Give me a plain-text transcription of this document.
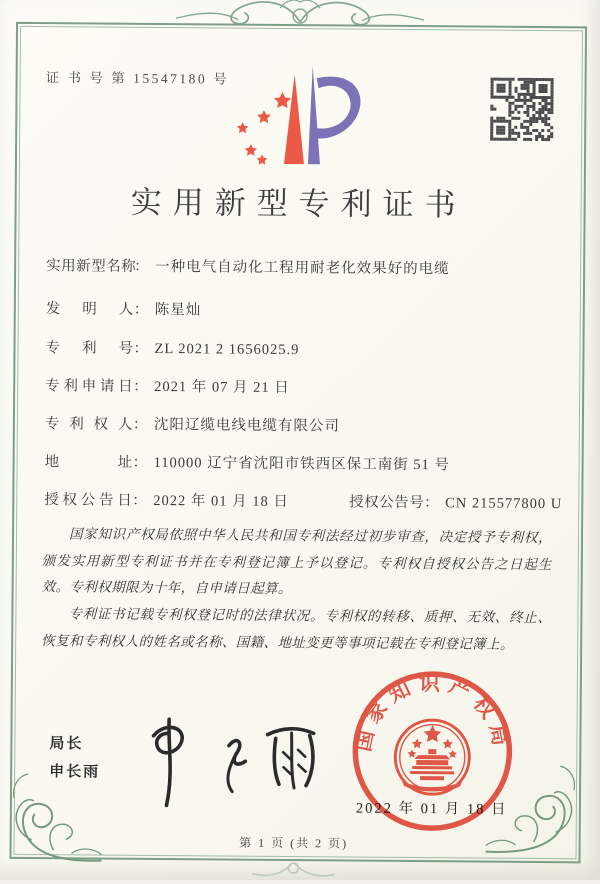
证 书 号 第 15547180 号
实用新型专利证书
实用新型名称： 一种电气自动化工程用耐老化效果好的电缆
发　明　人： 陈星灿
专　利　号： ZL 2021 2 1656025.9
专利申请日： 2021 年 07 月 21 日
专 利 权 人： 沈阳辽缆电线电缆有限公司
地　　　址： 110000 辽宁省沈阳市铁西区保工南街 51 号
授权公告日： 2022 年 01 月 18 日	授权公告号： CN 215577800 U

国家知识产权局依照中华人民共和国专利法经过初步审查，决定授予专利权，颁发实用新型专利证书并在专利登记簿上予以登记。专利权自授权公告之日起生效。专利权期限为十年，自申请日起算。

专利证书记载专利权登记时的法律状况。专利权的转移、质押、无效、终止、恢复和专利权人的姓名或名称、国籍、地址变更等事项记载在专利登记簿上。

局长
申长雨
2022 年 01 月 18 日
国家知识产权局
第 1 页 (共 2 页)
